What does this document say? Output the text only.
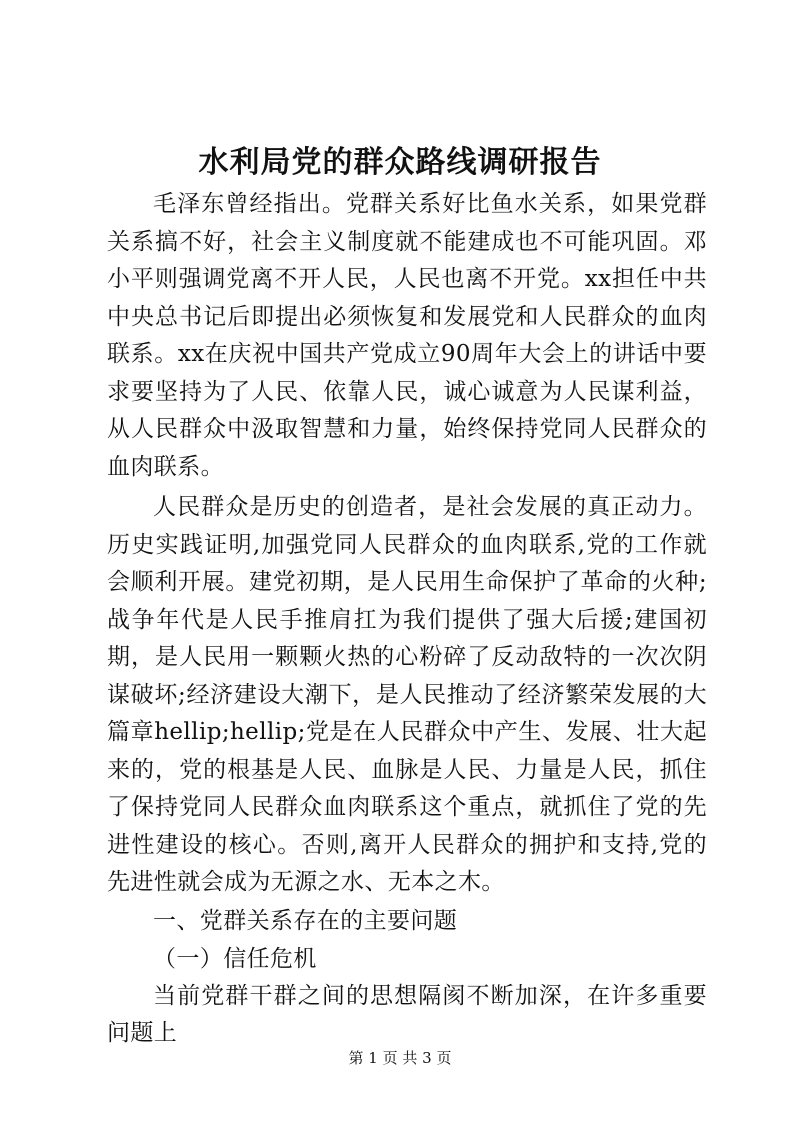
水利局党的群众路线调研报告

毛泽东曾经指出。党群关系好比鱼水关系，如果党群关系搞不好，社会主义制度就不能建成也不可能巩固。邓小平则强调党离不开人民，人民也离不开党。xx担任中共中央总书记后即提出必须恢复和发展党和人民群众的血肉联系。xx在庆祝中国共产党成立90周年大会上的讲话中要求要坚持为了人民、依靠人民，诚心诚意为人民谋利益，从人民群众中汲取智慧和力量，始终保持党同人民群众的血肉联系。

人民群众是历史的创造者，是社会发展的真正动力。历史实践证明,加强党同人民群众的血肉联系,党的工作就会顺利开展。建党初期，是人民用生命保护了革命的火种;战争年代是人民手推肩扛为我们提供了强大后援;建国初期，是人民用一颗颗火热的心粉碎了反动敌特的一次次阴谋破坏;经济建设大潮下，是人民推动了经济繁荣发展的大篇章hellip;hellip;党是在人民群众中产生、发展、壮大起来的，党的根基是人民、血脉是人民、力量是人民，抓住了保持党同人民群众血肉联系这个重点，就抓住了党的先进性建设的核心。否则,离开人民群众的拥护和支持,党的先进性就会成为无源之水、无本之木。

一、党群关系存在的主要问题

（一）信任危机

当前党群干群之间的思想隔阂不断加深，在许多重要问题上

第 1 页 共 3 页
